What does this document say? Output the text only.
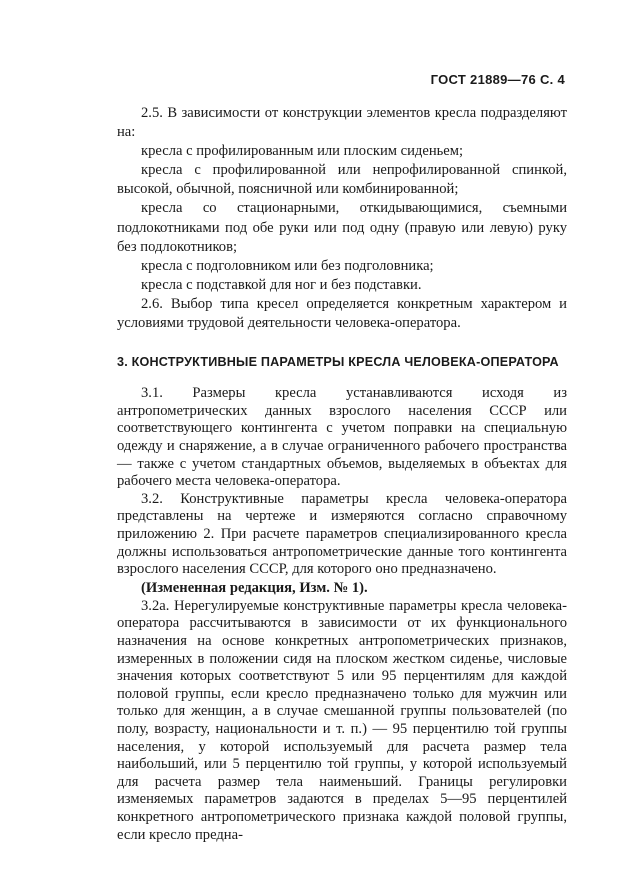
ГОСТ 21889—76 С. 4

2.5. В зависимости от конструкции элементов кресла подразделяют на:

кресла с профилированным или плоским сиденьем;

кресла с профилированной или непрофилированной спинкой, высокой, обычной, поясничной или комбинированной;

кресла со стационарными, откидывающимися, съемными подлокотниками под обе руки или под одну (правую или левую) руку без подлокотников;

кресла с подголовником или без подголовника;

кресла с подставкой для ног и без подставки.

2.6. Выбор типа кресел определяется конкретным характером и условиями трудовой деятельности человека-оператора.

3. КОНСТРУКТИВНЫЕ ПАРАМЕТРЫ КРЕСЛА ЧЕЛОВЕКА-ОПЕРАТОРА

3.1. Размеры кресла устанавливаются исходя из антропометрических данных взрослого населения СССР или соответствующего контингента с учетом поправки на специальную одежду и снаряжение, а в случае ограниченного рабочего пространства — также с учетом стандартных объемов, выделяемых в объектах для рабочего места человека-оператора.

3.2. Конструктивные параметры кресла человека-оператора представлены на чертеже и измеряются согласно справочному приложению 2. При расчете параметров специализированного кресла должны использоваться антропометрические данные того контингента взрослого населения СССР, для которого оно предназначено.

(Измененная редакция, Изм. № 1).

3.2а. Нерегулируемые конструктивные параметры кресла человека-оператора рассчитываются в зависимости от их функционального назначения на основе конкретных антропометрических признаков, измеренных в положении сидя на плоском жестком сиденье, числовые значения которых соответствуют 5 или 95 перцентилям для каждой половой группы, если кресло предназначено только для мужчин или только для женщин, а в случае смешанной группы пользователей (по полу, возрасту, национальности и т. п.) — 95 перцентилю той группы населения, у которой используемый для расчета размер тела наибольший, или 5 перцентилю той группы, у которой используемый для расчета размер тела наименьший. Границы регулировки изменяемых параметров задаются в пределах 5—95 перцентилей конкретного антропометрического признака каждой половой группы, если кресло предна-
